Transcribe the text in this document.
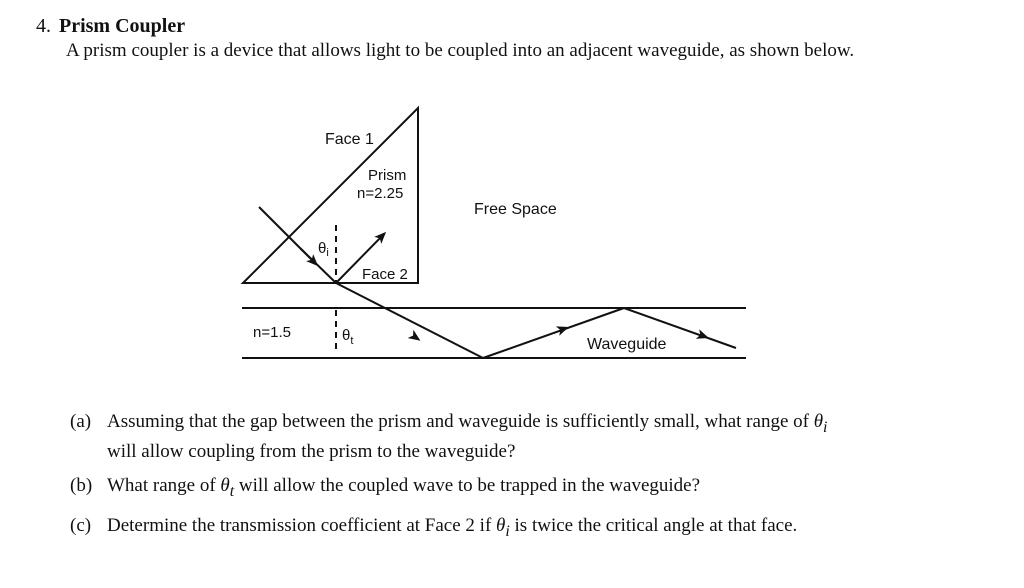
4. Prism Coupler
A prism coupler is a device that allows light to be coupled into an adjacent waveguide, as shown below.
Face 1
Prism
n=2.25
Free Space
$\theta_i$
Face 2
n=1.5	$\theta_t$	Waveguide
(a) Assuming that the gap between the prism and waveguide is sufficiently small, what range of $\theta_i$
will allow coupling from the prism to the waveguide?
(b) What range of $\theta_t$ will allow the coupled wave to be trapped in the waveguide?
(c) Determine the transmission coefficient at Face 2 if $\theta_i$ is twice the critical angle at that face.
